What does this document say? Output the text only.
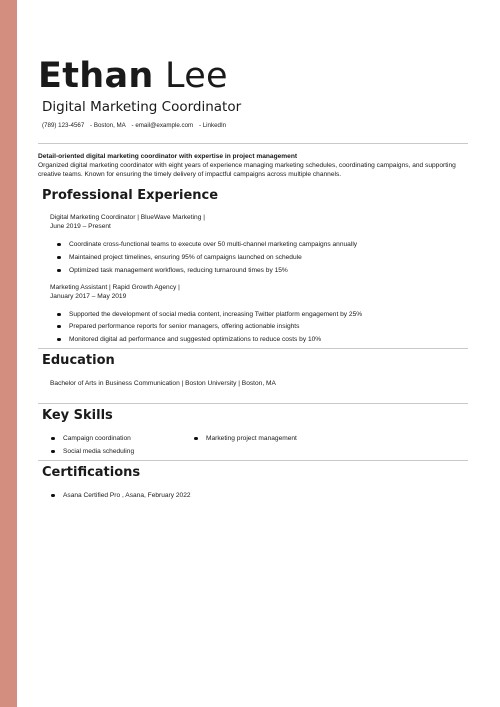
Ethan Lee
Digital Marketing Coordinator
(789) 123-4567 - Boston, MA - email@example.com - LinkedIn
Detail-oriented digital marketing coordinator with expertise in project management
Organized digital marketing coordinator with eight years of experience managing marketing schedules, coordinating campaigns, and supporting creative teams. Known for ensuring the timely delivery of impactful campaigns across multiple channels.
Professional Experience
Digital Marketing Coordinator | BlueWave Marketing |
June 2019 – Present
Coordinate cross-functional teams to execute over 50 multi-channel marketing campaigns annually
Maintained project timelines, ensuring 95% of campaigns launched on schedule
Optimized task management workflows, reducing turnaround times by 15%
Marketing Assistant | Rapid Growth Agency |
January 2017 – May 2019
Supported the development of social media content, increasing Twitter platform engagement by 25%
Prepared performance reports for senior managers, offering actionable insights
Monitored digital ad performance and suggested optimizations to reduce costs by 10%
Education
Bachelor of Arts in Business Communication | Boston University | Boston, MA
Key Skills
Campaign coordination	Marketing project management
Social media scheduling
Certifications
Asana Certified Pro , Asana, February 2022
